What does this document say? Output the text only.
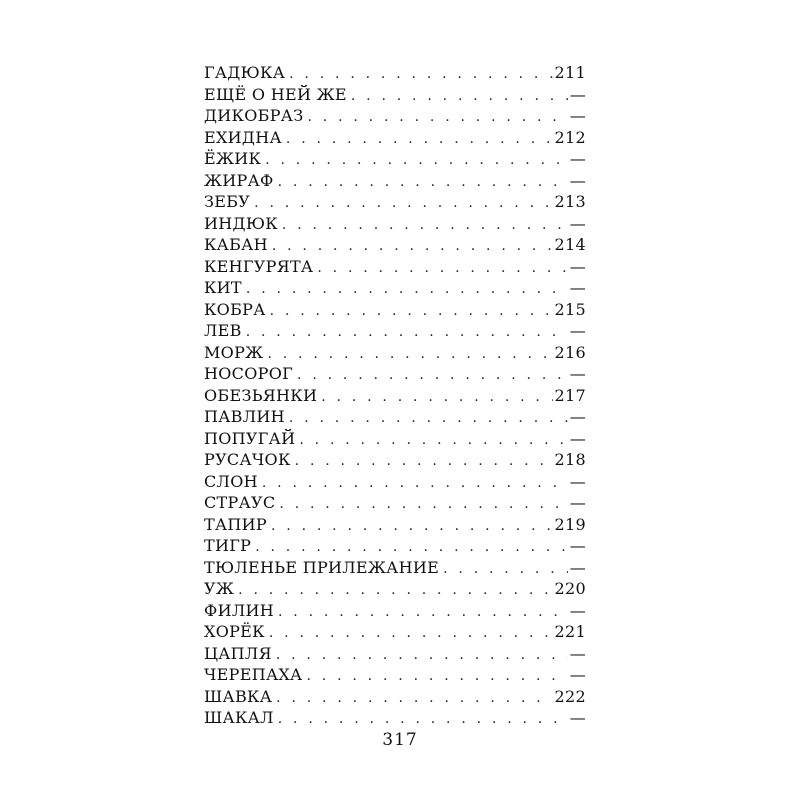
ГАДЮКА . . .	211
ЕЩЁ О НЕЙ ЖЕ . . .	—
ДИКОБРАЗ . . .	—
ЕХИДНА . . .	212
ЁЖИК . . .	—
ЖИРАФ . . .	—
ЗЕБУ . . .	213
ИНДЮК . . .	—
КАБАН . . .	214
КЕНГУРЯТА . . .	—
КИТ . . .	—
КОБРА . . .	215
ЛЕВ . . .	—
МОРЖ . . .	216
НОСОРОГ . . .	—
ОБЕЗЬЯНКИ . . .	217
ПАВЛИН . . .	—
ПОПУГАЙ . . .	—
РУСАЧОК . . .	218
СЛОН . . .	—
СТРАУС . . .	—
ТАПИР . . .	219
ТИГР . . .	—
ТЮЛЕНЬЕ ПРИЛЕЖАНИЕ . . .	—
УЖ . . .	220
ФИЛИН . . .	—
ХОРЁК . . .	221
ЦАПЛЯ . . .	—
ЧЕРЕПАХА . . .	—
ШАВКА . . .	222
ШАКАЛ . . .	—
317
